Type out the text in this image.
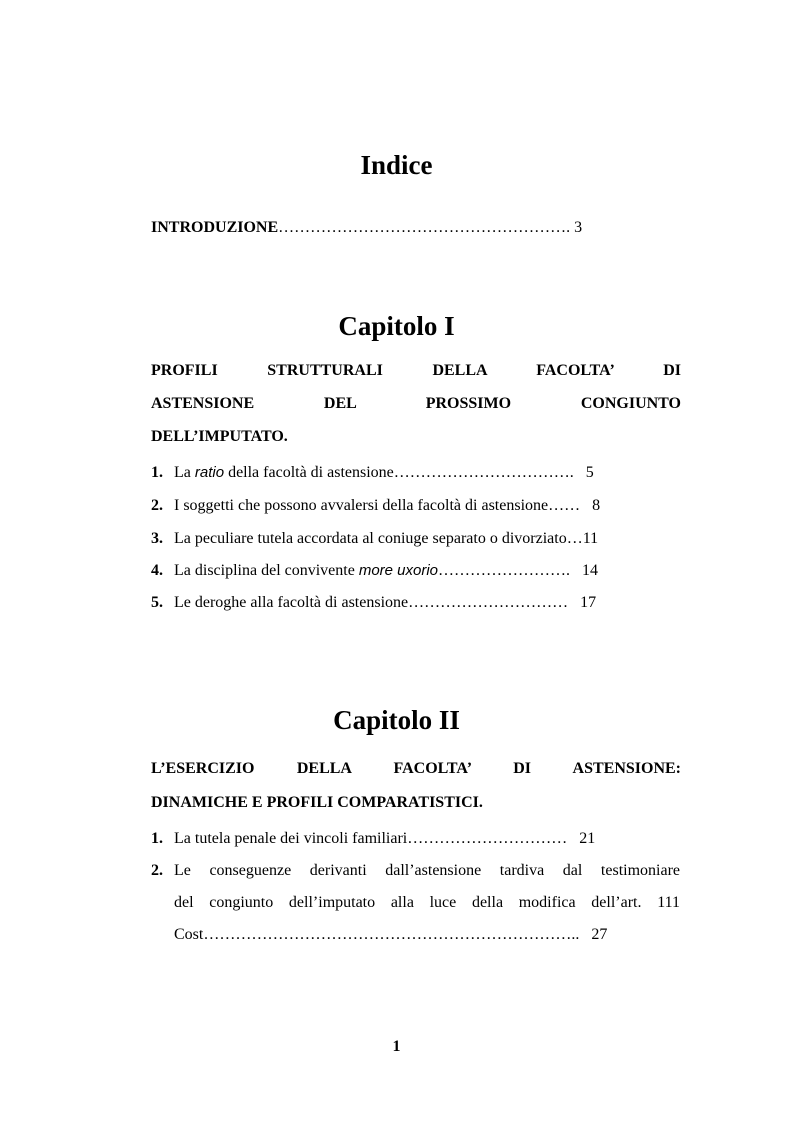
Indice
INTRODUZIONE………………………………………………. 3
Capitolo I
PROFILI STRUTTURALI DELLA FACOLTA’ DI
ASTENSIONE DEL PROSSIMO CONGIUNTO
DELL’IMPUTATO.
1. La ratio della facoltà di astensione……………………………. 5
2. I soggetti che possono avvalersi della facoltà di astensione…… 8
3. La peculiare tutela accordata al coniuge separato o divorziato…11
4. La disciplina del convivente more uxorio……………………. 14
5. Le deroghe alla facoltà di astensione………………………… 17
Capitolo II
L’ESERCIZIO DELLA FACOLTA’ DI ASTENSIONE:
DINAMICHE E PROFILI COMPARATISTICI.
1. La tutela penale dei vincoli familiari………………………… 21
2. Le conseguenze derivanti dall’astensione tardiva dal testimoniare
del congiunto dell’imputato alla luce della modifica dell’art. 111
Cost…………………………………………………………….. 27
1
